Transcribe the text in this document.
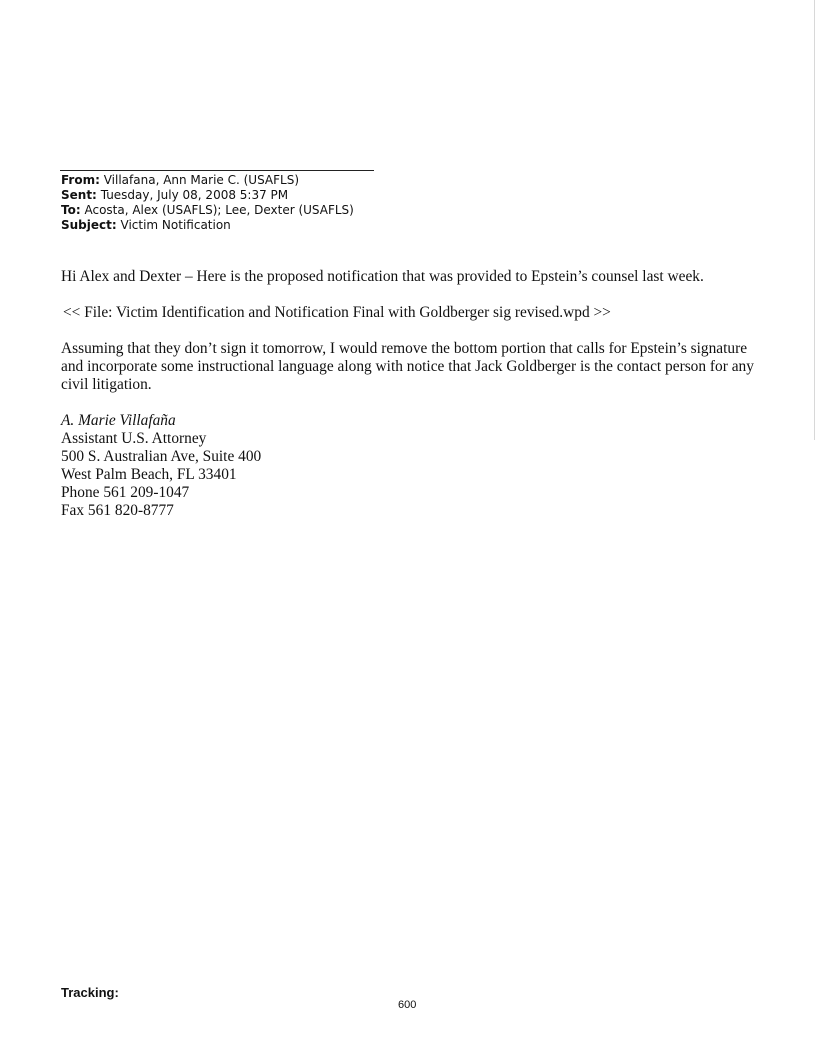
From: Villafana, Ann Marie C. (USAFLS)
Sent: Tuesday, July 08, 2008 5:37 PM
To: Acosta, Alex (USAFLS); Lee, Dexter (USAFLS)
Subject: Victim Notification

Hi Alex and Dexter – Here is the proposed notification that was provided to Epstein’s counsel last week.

<< File: Victim Identification and Notification Final with Goldberger sig revised.wpd >>

Assuming that they don’t sign it tomorrow, I would remove the bottom portion that calls for Epstein’s signature and incorporate some instructional language along with notice that Jack Goldberger is the contact person for any civil litigation.

A. Marie Villafaña
Assistant U.S. Attorney
500 S. Australian Ave, Suite 400
West Palm Beach, FL 33401
Phone 561 209-1047
Fax 561 820-8777
Tracking:
600
